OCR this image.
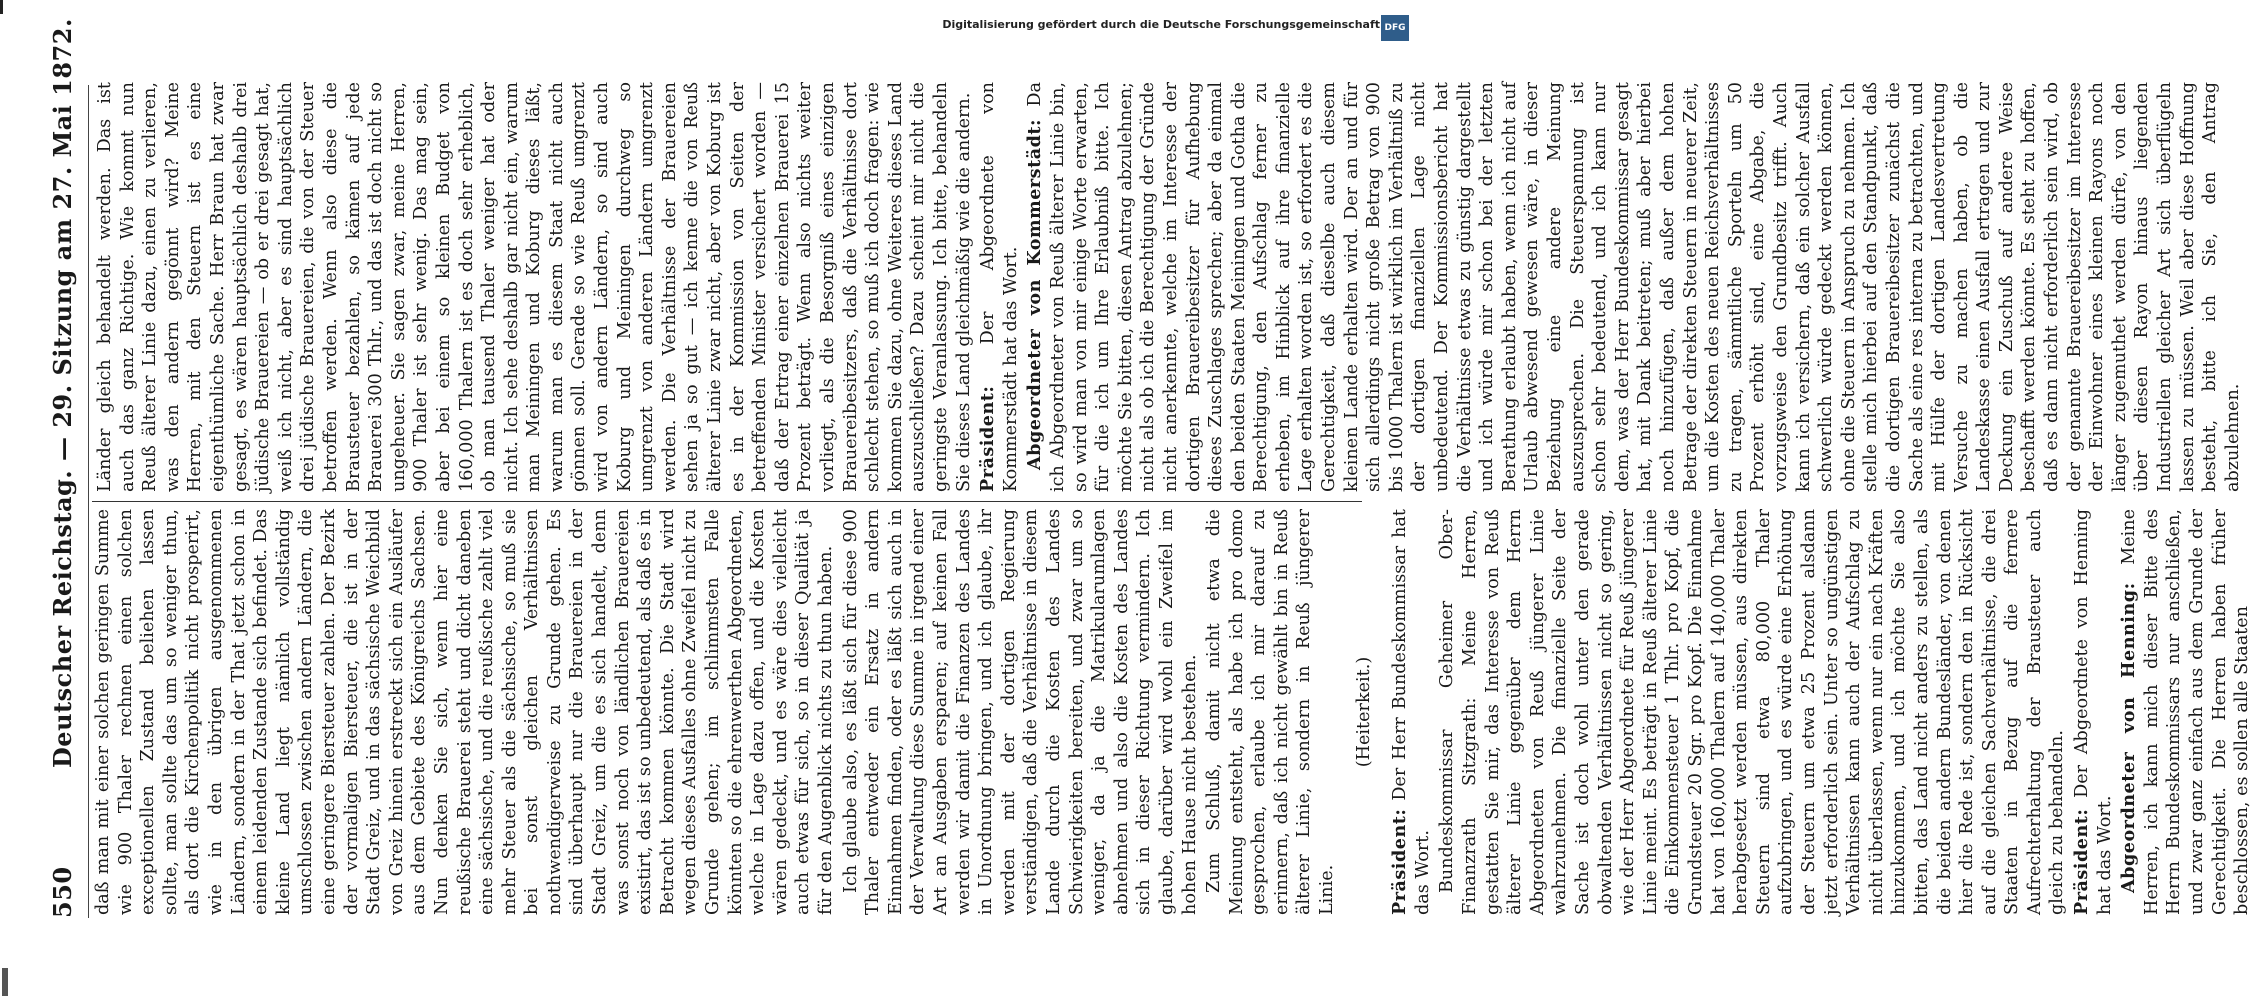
550
Deutscher Reichstag. — 29. Sitzung am 27. Mai 1872. daß man mit einer solchen geringen Summe wie 900 Thaler rechnen einen solchen exceptionellen Zustand beliehen lassen sollte, man sollte das um so weniger thun, als dort die Kirchenpolitik nicht prosperirt, wie in den übrigen ausgenommenen Ländern, sondern in der That jetzt schon in einem leidenden Zustande sich befindet. Das kleine Land liegt nämlich vollständig umschlossen zwischen andern Ländern, die eine geringere Biersteuer zahlen. Der Bezirk der vormaligen Biersteuer, die ist in der Stadt Greiz, und in das sächsische Weichbild von Greiz hinein erstreckt sich ein Ausläufer aus dem Gebiete des Königreichs Sachsen. Nun denken Sie sich, wenn hier eine reußische Brauerei steht und dicht daneben eine sächsische, und die reußische zahlt viel mehr Steuer als die sächsische, so muß sie bei sonst gleichen Verhältnissen nothwendigerweise zu Grunde gehen. Es sind überhaupt nur die Brauereien in der Stadt Greiz, um die es sich handelt, denn was sonst noch von ländlichen Brauereien existirt, das ist so unbedeutend, als daß es in Betracht kommen könnte. Die Stadt wird wegen dieses Ausfalles ohne Zweifel nicht zu Grunde gehen; im schlimmsten Falle könnten so die ehrenwerthen Abgeordneten, welche in Lage dazu offen, und die Kosten wären gedeckt, und es wäre dies vielleicht auch etwas für sich, so in dieser Qualität ja für den Augenblick nichts zu thun haben. Ich glaube also, es läßt sich für diese 900 Thaler entweder ein Ersatz in andern Einnahmen finden, oder es läßt sich auch in der Verwaltung diese Summe in irgend einer Art an Ausgaben ersparen; auf keinen Fall werden wir damit die Finanzen des Landes in Unordnung bringen, und ich glaube, ihr werden mit der dortigen Regierung verständigen, daß die Verhältnisse in diesem Lande durch die Kosten des Landes Schwierigkeiten bereiten, und zwar um so weniger, da ja die Matrikularumlagen abnehmen und also die Kosten des Landes sich in dieser Richtung vermindern. Ich glaube, darüber wird wohl ein Zweifel im hohen Hause nicht bestehen. Zum Schluß, damit nicht etwa die Meinung entsteht, als habe ich pro domo gesprochen, erlaube ich mir darauf zu erinnern, daß ich nicht gewählt bin in Reuß älterer Linie, sondern in Reuß jüngerer Linie.

(Heiterkeit.)

Präsident: Der Herr Bundeskommissar hat das Wort. Bundeskommissar Geheimer Ober-Finanzrath Sitzgrath: Meine Herren, gestatten Sie mir, das Interesse von Reuß älterer Linie gegenüber dem Herrn Abgeordneten von Reuß jüngerer Linie wahrzunehmen. Die finanzielle Seite der Sache ist doch wohl unter den gerade obwaltenden Verhältnissen nicht so gering, wie der Herr Abgeordnete für Reuß jüngerer Linie meint. Es beträgt in Reuß älterer Linie die Einkommensteuer 1 Thlr. pro Kopf, die Grundsteuer 20 Sgr. pro Kopf. Die Einnahme hat von 160,000 Thalern auf 140,000 Thaler herabgesetzt werden müssen, aus direkten Steuern sind etwa 80,000 Thaler aufzubringen, und es würde eine Erhöhung der Steuern um etwa 25 Prozent alsdann jetzt erforderlich sein. Unter so ungünstigen Verhältnissen kann auch der Aufschlag zu nicht überlassen, wenn nur ein nach Kräften hinzukommen, und ich möchte Sie also bitten, das Land nicht anders zu stellen, als die beiden andern Bundesländer, von denen hier die Rede ist, sondern den in Rücksicht auf die gleichen Sachverhältnisse, die drei Staaten in Bezug auf die fernere Aufrechterhaltung der Brausteuer auch gleich zu behandeln. Präsident: Der Abgeordnete von Henning hat das Wort. Abgeordneter von Henning: Meine Herren, ich kann mich dieser Bitte des Herrn Bundeskommissars nur anschließen, und zwar ganz einfach aus dem Grunde der Gerechtigkeit. Die Herren haben früher beschlossen, es sollen alle Staaten

Länder gleich behandelt werden. Das ist auch das ganz Richtige. Wie kommt nun Reuß älterer Linie dazu, einen zu verlieren, was den andern gegönnt wird? Meine Herren, mit den Steuern ist es eine eigenthümliche Sache. Herr Braun hat zwar gesagt, es wären hauptsächlich deshalb drei jüdische Brauereien — ob er drei gesagt hat, weiß ich nicht, aber es sind hauptsächlich drei jüdische Brauereien, die von der Steuer betroffen werden. Wenn also diese die Brausteuer bezahlen, so kämen auf jede Brauerei 300 Thlr., und das ist doch nicht so ungeheuer. Sie sagen zwar, meine Herren, 900 Thaler ist sehr wenig. Das mag sein, aber bei einem so kleinen Budget von 160,000 Thalern ist es doch sehr erheblich, ob man tausend Thaler weniger hat oder nicht. Ich sehe deshalb gar nicht ein, warum man Meiningen und Koburg dieses läßt, warum man es diesem Staat nicht auch gönnen soll. Gerade so wie Reuß umgrenzt wird von andern Ländern, so sind auch Koburg und Meiningen durchweg so umgrenzt von anderen Ländern umgrenzt werden. Die Verhältnisse der Brauereien sehen ja so gut — ich kenne die von Reuß älterer Linie zwar nicht, aber von Koburg ist es in der Kommission von Seiten der betreffenden Minister versichert worden — daß der Ertrag einer einzelnen Brauerei 15 Prozent beträgt. Wenn also nichts weiter vorliegt, als die Besorgniß eines einzigen Brauereibesitzers, daß die Verhältnisse dort schlecht stehen, so muß ich doch fragen: wie kommen Sie dazu, ohne Weiteres dieses Land auszuschließen? Dazu scheint mir nicht die geringste Veranlassung. Ich bitte, behandeln Sie dieses Land gleichmäßig wie die andern. Präsident: Der Abgeordnete von Kommerstädt hat das Wort. Abgeordneter von Kommerstädt: Da ich Abgeordneter von Reuß älterer Linie bin, so wird man von mir einige Worte erwarten, für die ich um Ihre Erlaubniß bitte. Ich möchte Sie bitten, diesen Antrag abzulehnen; nicht als ob ich die Berechtigung der Gründe nicht anerkennte, welche im Interesse der dortigen Brauereibesitzer für Aufhebung dieses Zuschlages sprechen; aber da einmal den beiden Staaten Meiningen und Gotha die Berechtigung, den Aufschlag ferner zu erheben, im Hinblick auf ihre finanzielle Lage erhalten worden ist, so erfordert es die Gerechtigkeit, daß dieselbe auch diesem kleinen Lande erhalten wird. Der an und für sich allerdings nicht große Betrag von 900 bis 1000 Thalern ist wirklich im Verhältniß zu der dortigen finanziellen Lage nicht unbedeutend. Der Kommissionsbericht hat die Verhältnisse etwas zu günstig dargestellt und ich würde mir schon bei der letzten Berathung erlaubt haben, wenn ich nicht auf Urlaub abwesend gewesen wäre, in dieser Beziehung eine andere Meinung auszusprechen. Die Steuerspannung ist schon sehr bedeutend, und ich kann nur dem, was der Herr Bundeskommissar gesagt hat, mit Dank beitreten; muß aber hierbei noch hinzufügen, daß außer dem hohen Betrage der direkten Steuern in neuerer Zeit, um die Kosten des neuen Reichsverhältnisses zu tragen, sämmtliche Sporteln um 50 Prozent erhöht sind, eine Abgabe, die vorzugsweise den Grundbesitz trifft. Auch kann ich versichern, daß ein solcher Ausfall schwerlich würde gedeckt werden können, ohne die Steuern in Anspruch zu nehmen. Ich stelle mich hierbei auf den Standpunkt, daß die dortigen Brauereibesitzer zunächst die Sache als eine res interna zu betrachten, und mit Hülfe der dortigen Landesvertretung Versuche zu machen haben, ob die Landeskasse einen Ausfall ertragen und zur Deckung ein Zuschuß auf andere Weise beschafft werden könnte. Es steht zu hoffen, daß es dann nicht erforderlich sein wird, ob der genannte Brauereibesitzer im Interesse der Einwohner eines kleinen Rayons noch länger zugemuthet werden dürfe, von den über diesen Rayon hinaus liegenden Industriellen gleicher Art sich überflügeln lassen zu müssen. Weil aber diese Hoffnung besteht, bitte ich Sie, den Antrag abzulehnen.

Digitalisierung gefördert durch die Deutsche Forschungsgemeinschaft DFG
